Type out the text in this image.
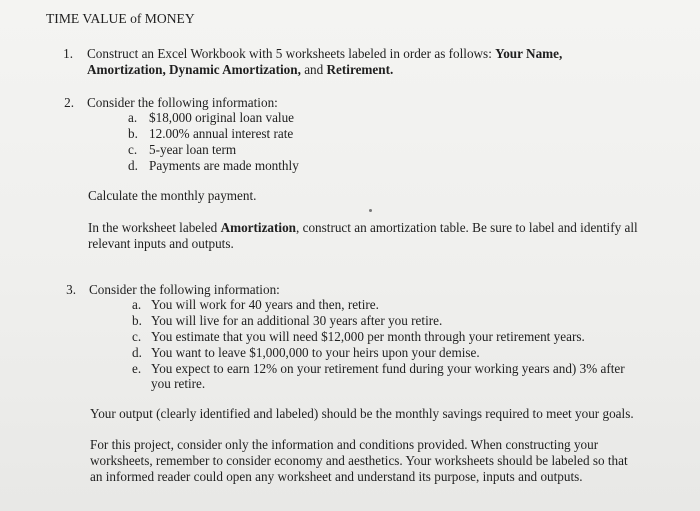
TIME VALUE of MONEY
1. Construct an Excel Workbook with 5 worksheets labeled in order as follows: Your Name,
Amortization, Dynamic Amortization, and Retirement.
2. Consider the following information:
a. $18,000 original loan value
b. 12.00% annual interest rate
c. 5-year loan term
d. Payments are made monthly
Calculate the monthly payment.
In the worksheet labeled Amortization, construct an amortization table. Be sure to label and identify all
relevant inputs and outputs.
3. Consider the following information:
a. You will work for 40 years and then, retire.
b. You will live for an additional 30 years after you retire.
c. You estimate that you will need $12,000 per month through your retirement years.
d. You want to leave $1,000,000 to your heirs upon your demise.
e. You expect to earn 12% on your retirement fund during your working years and) 3% after
you retire.
Your output (clearly identified and labeled) should be the monthly savings required to meet your goals.
For this project, consider only the information and conditions provided. When constructing your
worksheets, remember to consider economy and aesthetics. Your worksheets should be labeled so that
an informed reader could open any worksheet and understand its purpose, inputs and outputs.
